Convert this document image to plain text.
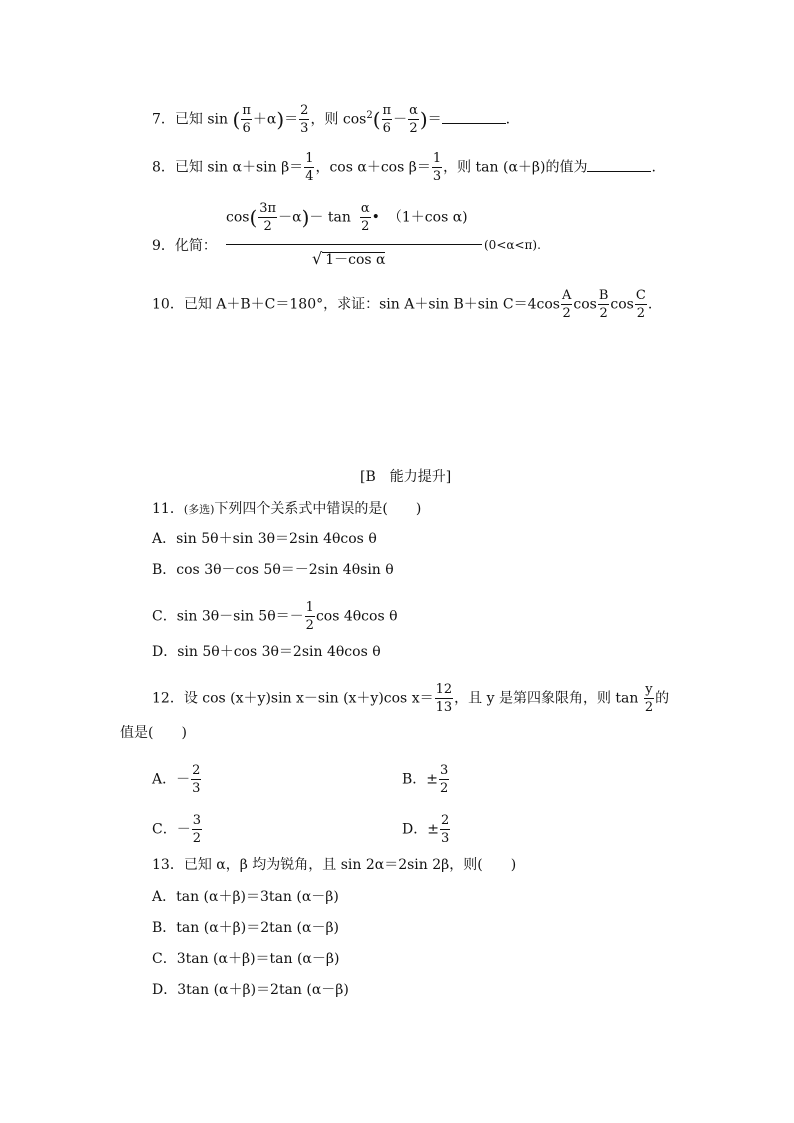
7．已知 sin ( $\frac{\pi}{6} +\alpha)= \frac{2}{3}$ ，则 $\cos^2( \frac{\pi}{6} - \frac{\alpha}{2}$ )＝	.
8．已知 sin α＋sin $\beta= \frac{1}{4}$ ，cos α＋cos $\beta= \frac{1}{3}$ ，则 tan (α＋β)的值为	.
9．化简：
$\cos( \frac{3\pi}{2} -\alpha)- \tan \frac{\alpha}{2}$ • （1＋cos α)
√ 1－cos α
(0<α<π).
10．已知 A＋B＋C＝180°，求证：sin A＋sin B＋sin $C=4\cos \frac{A}{2}$ $\cos \frac{B}{2}$ $\cos \frac{C}{2}$ .
[B　能力提升]
11．(多选)下列四个关系式中错误的是(　　)
A．sin 5θ＋sin 3θ＝2sin 4θcos θ
B．cos 3θ－cos 5θ＝－2sin 4θsin θ
C．sin 3θ－sin $5\theta=- \frac{1}{2}$ cos 4θcos θ
D．sin 5θ＋cos 3θ＝2sin 4θcos θ
12．设 cos (x＋y)sin x－sin (x＋y)cos $x= \frac{12}{13}$ ，且 y 是第四象限角，则 $\tan \frac{y}{2}$ 的
值是(　　)
A．－ $\frac{2}{3}$	B．± $\frac{3}{2}$
C．－ $\frac{3}{2}$	D．± $\frac{2}{3}$
13．已知 α，β 均为锐角，且 sin 2α＝2sin 2β，则(　　)
A．tan (α＋β)＝3tan (α－β)
B．tan (α＋β)＝2tan (α－β)
C．3tan (α＋β)＝tan (α－β)
D．3tan (α＋β)＝2tan (α－β)
